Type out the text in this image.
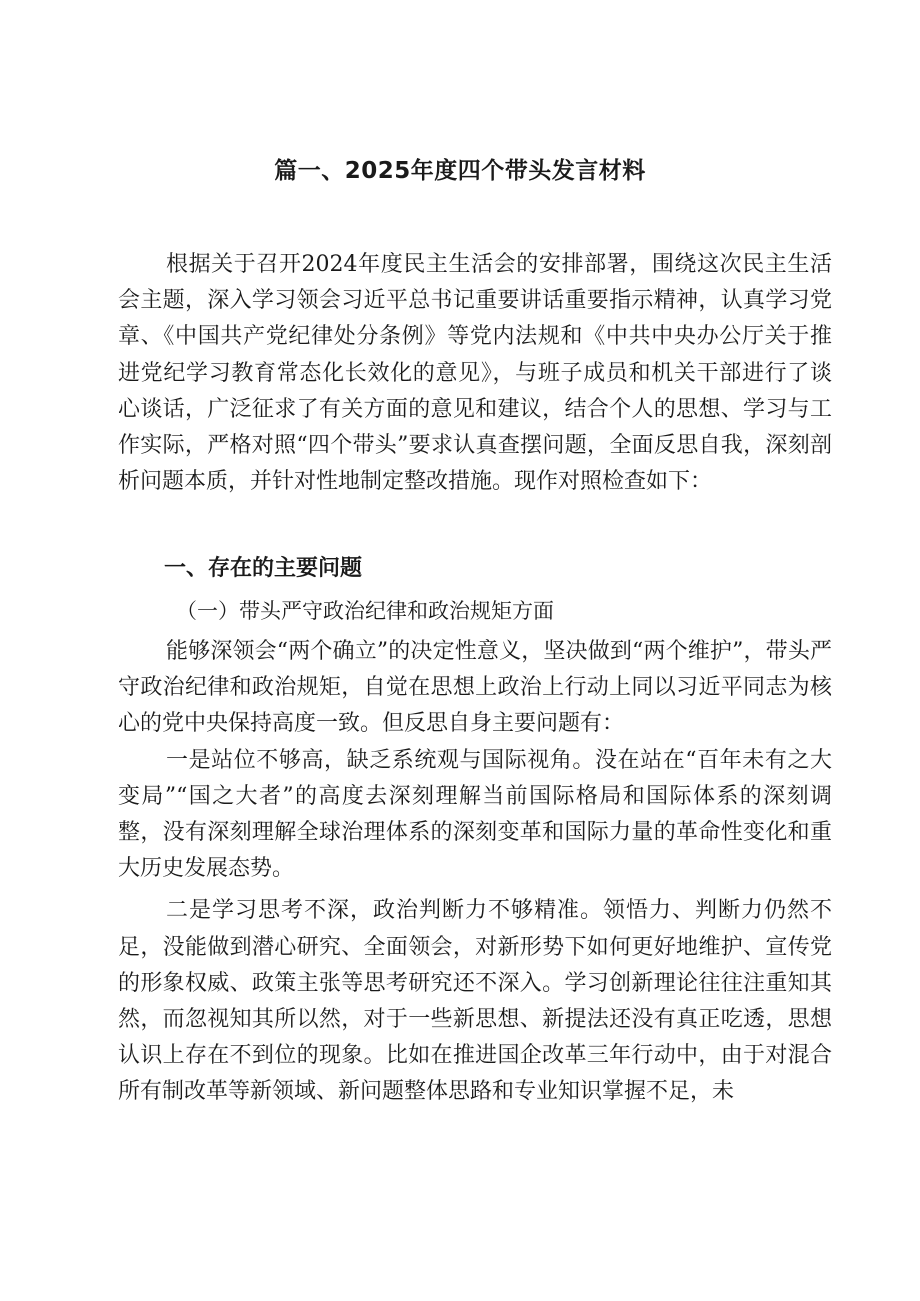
篇一、2025年度四个带头发言材料

根据关于召开2024年度民主生活会的安排部署，围绕这次民主生活会主题，深入学习领会习近平总书记重要讲话重要指示精神，认真学习党章、《中国共产党纪律处分条例》等党内法规和《中共中央办公厅关于推进党纪学习教育常态化长效化的意见》，与班子成员和机关干部进行了谈心谈话，广泛征求了有关方面的意见和建议，结合个人的思想、学习与工作实际，严格对照“四个带头”要求认真查摆问题，全面反思自我，深刻剖析问题本质，并针对性地制定整改措施。现作对照检查如下：

一、存在的主要问题
（一）带头严守政治纪律和政治规矩方面

能够深领会“两个确立”的决定性意义，坚决做到“两个维护”，带头严守政治纪律和政治规矩，自觉在思想上政治上行动上同以习近平同志为核心的党中央保持高度一致。但反思自身主要问题有：

一是站位不够高，缺乏系统观与国际视角。没在站在“百年未有之大变局”“国之大者”的高度去深刻理解当前国际格局和国际体系的深刻调整，没有深刻理解全球治理体系的深刻变革和国际力量的革命性变化和重大历史发展态势。

二是学习思考不深，政治判断力不够精准。领悟力、判断力仍然不足，没能做到潜心研究、全面领会，对新形势下如何更好地维护、宣传党的形象权威、政策主张等思考研究还不深入。学习创新理论往往注重知其然，而忽视知其所以然，对于一些新思想、新提法还没有真正吃透，思想认识上存在不到位的现象。比如在推进国企改革三年行动中，由于对混合所有制改革等新领域、新问题整体思路和专业知识掌握不足，未
